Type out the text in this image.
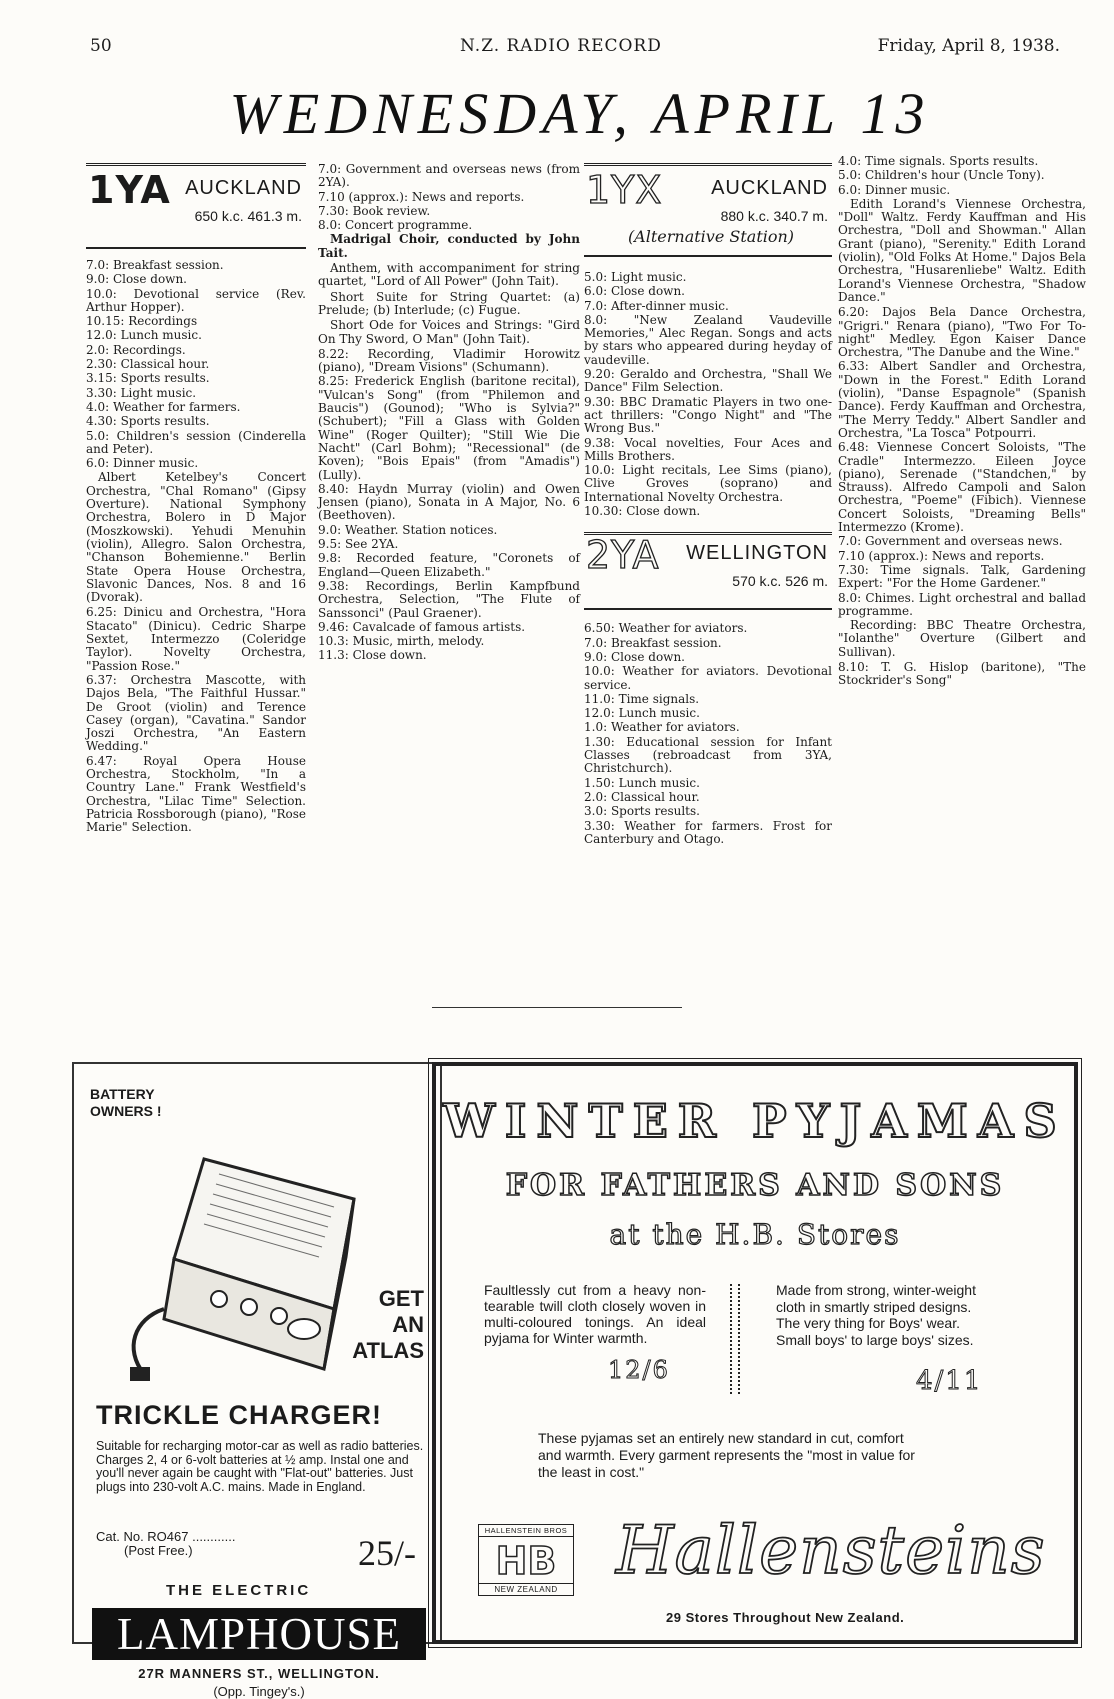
50	N.Z. RADIO RECORD	Friday, April 8, 1938.
WEDNESDAY, APRIL 13
1YA AUCKLAND
650 k.c. 461.3 m.

7.0: Breakfast session.

9.0: Close down.

10.0: Devotional service (Rev. Arthur Hopper).

10.15: Recordings

12.0: Lunch music.

2.0: Recordings.

2.30: Classical hour.

3.15: Sports results.

3.30: Light music.

4.0: Weather for farmers.

4.30: Sports results.

5.0: Children's session (Cinderella and Peter).

6.0: Dinner music.

Albert Ketelbey's Concert Orchestra, "Chal Romano" (Gipsy Overture). National Symphony Orchestra, Bolero in D Major (Moszkowski). Yehudi Menuhin (violin), Allegro. Salon Orchestra, "Chanson Bohemienne." Berlin State Opera House Orchestra, Slavonic Dances, Nos. 8 and 16 (Dvorak).

6.25: Dinicu and Orchestra, "Hora Stacato" (Dinicu). Cedric Sharpe Sextet, Intermezzo (Coleridge Taylor). Novelty Orchestra, "Passion Rose."

6.37: Orchestra Mascotte, with Dajos Bela, "The Faithful Hussar." De Groot (violin) and Terence Casey (organ), "Cavatina." Sandor Joszi Orchestra, "An Eastern Wedding."

6.47: Royal Opera House Orchestra, Stockholm, "In a Country Lane." Frank Westfield's Orchestra, "Lilac Time" Selection. Patricia Rossborough (piano), "Rose Marie" Selection.

7.0: Government and overseas news (from 2YA).

7.10 (approx.): News and reports.

7.30: Book review.

8.0: Concert programme.

Madrigal Choir, conducted by John Tait.

Anthem, with accompaniment for string quartet, "Lord of All Power" (John Tait).

Short Suite for String Quartet: (a) Prelude; (b) Interlude; (c) Fugue.

Short Ode for Voices and Strings: "Gird On Thy Sword, O Man" (John Tait).

8.22: Recording, Vladimir Horowitz (piano), "Dream Visions" (Schumann).

8.25: Frederick English (baritone recital), "Vulcan's Song" (from "Philemon and Baucis") (Gounod); "Who is Sylvia?" (Schubert); "Fill a Glass with Golden Wine" (Roger Quilter); "Still Wie Die Nacht" (Carl Bohm); "Recessional" (de Koven); "Bois Epais" (from "Amadis") (Lully).

8.40: Haydn Murray (violin) and Owen Jensen (piano), Sonata in A Major, No. 6 (Beethoven).

9.0: Weather. Station notices.

9.5: See 2YA.

9.8: Recorded feature, "Coronets of England—Queen Elizabeth."

9.38: Recordings, Berlin Kampfbund Orchestra, Selection, "The Flute of Sanssonci" (Paul Graener).

9.46: Cavalcade of famous artists.

10.3: Music, mirth, melody.

11.3: Close down.

1YX AUCKLAND
880 k.c. 340.7 m.
(Alternative Station)

5.0: Light music.

6.0: Close down.

7.0: After-dinner music.

8.0: "New Zealand Vaudeville Memories," Alec Regan. Songs and acts by stars who appeared during heyday of vaudeville.

9.20: Geraldo and Orchestra, "Shall We Dance" Film Selection.

9.30: BBC Dramatic Players in two one-act thrillers: "Congo Night" and "The Wrong Bus."

9.38: Vocal novelties, Four Aces and Mills Brothers.

10.0: Light recitals, Lee Sims (piano), Clive Groves (soprano) and International Novelty Orchestra.

10.30: Close down.

2YA WELLINGTON
570 k.c. 526 m.

6.50: Weather for aviators.

7.0: Breakfast session.

9.0: Close down.

10.0: Weather for aviators. Devotional service.

11.0: Time signals.

12.0: Lunch music.

1.0: Weather for aviators.

1.30: Educational session for Infant Classes (rebroadcast from 3YA, Christchurch).

1.50: Lunch music.

2.0: Classical hour.

3.0: Sports results.

3.30: Weather for farmers. Frost for Canterbury and Otago.

4.0: Time signals. Sports results.

5.0: Children's hour (Uncle Tony).

6.0: Dinner music.

Edith Lorand's Viennese Orchestra, "Doll" Waltz. Ferdy Kauffman and His Orchestra, "Doll and Showman." Allan Grant (piano), "Serenity." Edith Lorand (violin), "Old Folks At Home." Dajos Bela Orchestra, "Husarenliebe" Waltz. Edith Lorand's Viennese Orchestra, "Shadow Dance."

6.20: Dajos Bela Dance Orchestra, "Grigri." Renara (piano), "Two For To-night" Medley. Egon Kaiser Dance Orchestra, "The Danube and the Wine."

6.33: Albert Sandler and Orchestra, "Down in the Forest." Edith Lorand (violin), "Danse Espagnole" (Spanish Dance). Ferdy Kauffman and Orchestra, "The Merry Teddy." Albert Sandler and Orchestra, "La Tosca" Potpourri.

6.48: Viennese Concert Soloists, "The Cradle" Intermezzo. Eileen Joyce (piano), Serenade ("Standchen," by Strauss). Alfredo Campoli and Salon Orchestra, "Poeme" (Fibich). Viennese Concert Soloists, "Dreaming Bells" Intermezzo (Krome).

7.0: Government and overseas news.

7.10 (approx.): News and reports.

7.30: Time signals. Talk, Gardening Expert: "For the Home Gardener."

8.0: Chimes. Light orchestral and ballad programme.

Recording: BBC Theatre Orchestra, "Iolanthe" Overture (Gilbert and Sullivan).

8.10: T. G. Hislop (baritone), "The Stockrider's Song"

BATTERY OWNERS !
GET
AN
ATLAS
TRICKLE CHARGER!
Suitable for recharging motor-car as well as radio batteries. Charges 2, 4 or 6-volt batteries at ½ amp. Instal one and you'll never again be caught with "Flat-out" batteries. Just plugs into 230-volt A.C. mains. Made in England.
Cat. No. RO467 ............
(Post Free.)	25/-
THE ELECTRIC
LAMPHOUSE
27R MANNERS ST., WELLINGTON.
(Opp. Tingey's.)
WINTER PYJAMAS
FOR FATHERS AND SONS
at the H.B. Stores
Faultlessly cut from a heavy non-tearable twill cloth closely woven in multi-coloured tonings. An ideal pyjama for Winter warmth.
Made from strong, winter-weight cloth in smartly striped designs. The very thing for Boys' wear. Small boys' to large boys' sizes.
12/6	4/11
These pyjamas set an entirely new standard in cut, comfort and warmth. Every garment represents the "most in value for the least in cost."
HALLENSTEIN BROS
HB
NEW ZEALAND
Hallensteins
29 Stores Throughout New Zealand.
